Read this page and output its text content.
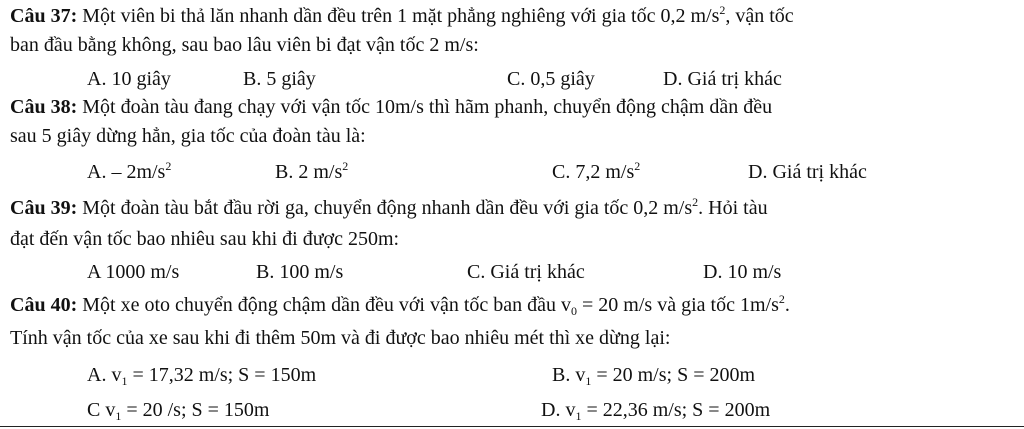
Câu 37: Một viên bi thả lăn nhanh dần đều trên 1 mặt phẳng nghiêng với gia tốc 0,2 $m/s^2$, vận tốc
ban đầu bằng không, sau bao lâu viên bi đạt vận tốc 2 m/s:
A. 10 giây	B. 5 giây	C. 0,5 giây	D. Giá trị khác
Câu 38: Một đoàn tàu đang chạy với vận tốc 10m/s thì hãm phanh, chuyển động chậm dần đều
sau 5 giây dừng hẳn, gia tốc của đoàn tàu là:
A. – $2m/s^2$	B. 2 $m/s^2$	C. 7,2 $m/s^2$	D. Giá trị khác
Câu 39: Một đoàn tàu bắt đầu rời ga, chuyển động nhanh dần đều với gia tốc 0,2 $m/s^2$. Hỏi tàu
đạt đến vận tốc bao nhiêu sau khi đi được 250m:
A 1000 m/s	B. 100 m/s	C. Giá trị khác	D. 10 m/s
Câu 40: Một xe oto chuyển động chậm dần đều với vận tốc ban đầu $v_0 = 20$ m/s và gia tốc $1m/s^2$.
Tính vận tốc của xe sau khi đi thêm 50m và đi được bao nhiêu mét thì xe dừng lại:
A. $v_1 = 17,32$ m/s; S = 150m	B. $v_1 = 20$ m/s; S = 200m
C $v_1 = 20$ /s; S = 150m	D. $v_1 = 22,36$ m/s; S = 200m
